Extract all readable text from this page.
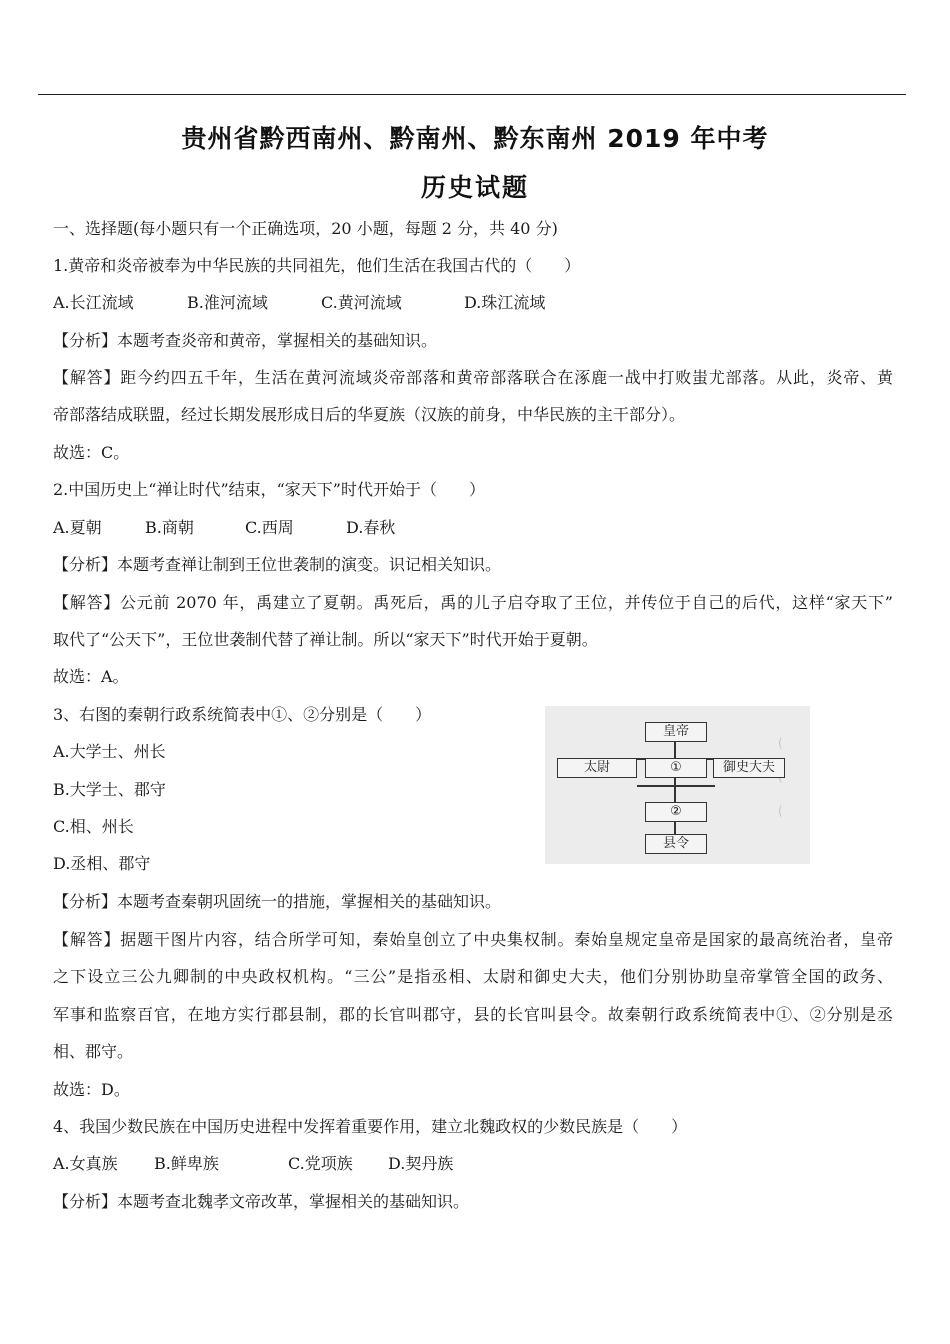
贵州省黔西南州、黔南州、黔东南州 2019 年中考
历史试题
一、选择题(每小题只有一个正确选项，20 小题，每题 2 分，共 40 分)
1.黄帝和炎帝被奉为中华民族的共同祖先，他们生活在我国古代的（　　）
A.长江流域	B.淮河流域	C.黄河流域	D.珠江流域
【分析】本题考查炎帝和黄帝，掌握相关的基础知识。
【解答】距今约四五千年，生活在黄河流域炎帝部落和黄帝部落联合在涿鹿一战中打败蚩尤部落。从此，炎帝、黄
帝部落结成联盟，经过长期发展形成日后的华夏族（汉族的前身，中华民族的主干部分）。
故选：C。
2.中国历史上“禅让时代”结束，“家天下”时代开始于（　　）
A.夏朝	B.商朝	C.西周	D.春秋
【分析】本题考查禅让制到王位世袭制的演变。识记相关知识。
【解答】公元前 2070 年，禹建立了夏朝。禹死后，禹的儿子启夺取了王位，并传位于自己的后代，这样“家天下”
取代了“公天下”，王位世袭制代替了禅让制。所以“家天下”时代开始于夏朝。
故选：A。
3、右图的秦朝行政系统简表中①、②分别是（　　）
A.大学士、州长
B.大学士、郡守
C.相、州长
D.丞相、郡守
(
(
皇帝
太尉	①	御史大夫
②
县令
【分析】本题考查秦朝巩固统一的措施，掌握相关的基础知识。
【解答】据题干图片内容，结合所学可知，秦始皇创立了中央集权制。秦始皇规定皇帝是国家的最高统治者，皇帝
之下设立三公九卿制的中央政权机构。“三公”是指丞相、太尉和御史大夫，他们分别协助皇帝掌管全国的政务、
军事和监察百官，在地方实行郡县制，郡的长官叫郡守，县的长官叫县令。故秦朝行政系统简表中①、②分别是丞
相、郡守。
故选：D。
4、我国少数民族在中国历史进程中发挥着重要作用，建立北魏政权的少数民族是（　　）
A.女真族 B.鲜卑族	C.党项族 D.契丹族
【分析】本题考查北魏孝文帝改革，掌握相关的基础知识。
